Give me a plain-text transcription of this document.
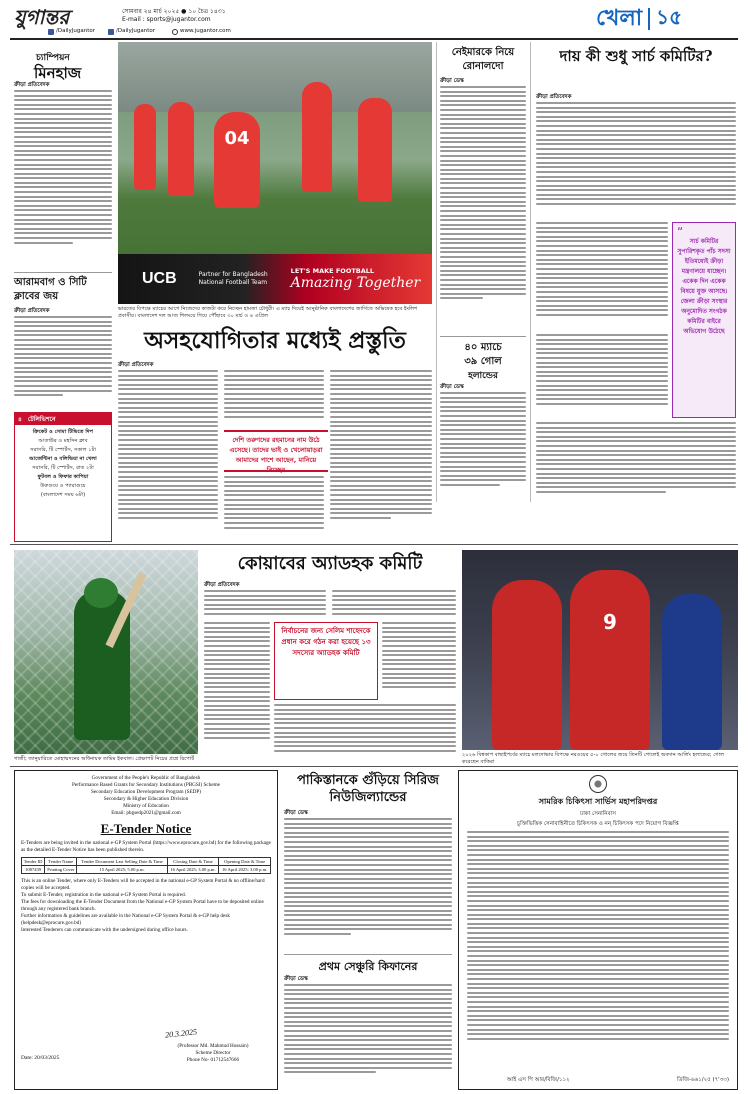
যুগান্তর	সোমবার ২৪ মার্চ ২০২৫ ● ১০ চৈত্র ১৪৩১
E-mail : sports@jugantor.com
/DailyJugantor	/DailyJugantor	www.jugantor.com
খেলা ১৫
চ্যাম্পিয়ন
মিনহাজ
ক্রীড়া প্রতিবেদক
আরামবাগ ও সিটি ক্লাবের জয়
ক্রীড়া প্রতিবেদক
৪ টেলিভিশনে
ক্রিকেট ও সোমা টিভিতে দিপ
আতাউর ও মহসিন ক্লাব
সরাসরি, টি স্পোর্টস, সকাল ১টা
আর্জেন্টিনা ও বলিভিয়া না খেলা
সরাসরি, টি স্পোর্টস, রাত ২টা
ফুটবল ও ফিফার কাপিয়া
উরুগুয়ে ও প্যারাগুয়ে
(বাংলাদেশ সময় ৬টা)
04
UCB	Partner for Bangladesh National Football Team
LET'S MAKE FOOTBALL
Amazing Together
ভারতের বিপক্ষে ম্যাচের আগে নিজেদের কাজটা করে নিচ্ছেন হামজা চৌধুরী। এ ম্যাচ দিয়েই আনুষ্ঠানিক বাংলাদেশের জার্সিতে অভিষেক হবে ইংলিশ প্রবাসীর। বাংলাদেশ দল আজ শিলংয়ে গিয়ে পৌঁছাবে ৩০ মার্চ ও ৪ এপ্রিল
নেইমারকে নিয়ে রোনালদো
ক্রীড়া ডেস্ক
৪০ ম্যাচে
৩৯ গোল
হলান্ডের
ক্রীড়া ডেস্ক
দায় কী শুধু সার্চ কমিটির?
ক্রীড়া প্রতিবেদক
“
সার্চ কমিটির সুপারিশকৃত পাঁচ সদস্য ইতিমধ্যেই ক্রীড়া মন্ত্রণালয়ে যাচ্ছেন। একেক দিন একেক বিষয়ে যুক্ত আসছে। জেলা ক্রীড়া সংস্থার অনুমোদিত সংগঠক কমিটির বাইরে অভিযোগ উঠেছে
অসহযোগিতার মধ্যেই প্রস্তুতি
ক্রীড়া প্রতিবেদক
দেশি তরুণদের রহমানের নাম উঠে এসেছে। তাদের ভাই ও খেলোয়াড়রা আমাদের পাশে আছেন, মানিয়ে নিচ্ছেন
গাজী; জানুয়ারিতে মোহাম্মদনের অধিনায়ক তামিম ইকবাল। প্রেক্ষাপট নিচের প্রশ্নে রিপোর্ট
কোয়াবের অ্যাডহক কমিটি
ক্রীড়া প্রতিবেদক
নির্বাচনের জন্য সেলিম শাহেদকে প্রধান করে গঠন করা হয়েছে ১৩ সদস্যের অ্যাডহক কমিটি
9
২০২৬ বিশ্বকাপ বাছাইপর্বের ম্যাচে মলদোভার বিপক্ষে নরওয়ের ৫-০ গোলের জয়ে তিনটি গোলেই অবদান আর্লিং হলান্ডের; গোল করেছেন বাকিরা
Government of the People's Republic of Bangladesh
Performance Based Grants for Secondary Institutions (PBGSI) Scheme
Secondary Education Development Program (SEDP)
Secondary & Higher Education Division
Ministry of Education
Email: pbgsedp2021@gmail.com
E-Tender Notice
E-Tenders are being invited in the national e-GP System Portal (https://www.eprocure.gov.bd) for the following package as the detailed E-Tender Notice has been published therein.
Tender ID	Tender Name	Tender Document Last Selling Date & Time	Closing Date & Time	Opening Date & Time
1087439	Printing Cover	15 April 2025; 5.00 p.m.	16 April 2025; 3.00 p.m.	16 April 2025; 3.00 p.m.
This is an online Tender, where only E-Tenders will be accepted in the national e-GP System Portal & no offline/hard copies will be accepted.
To submit E-Tender, registration in the national e-GP System Portal is required.
The fees for downloading the E-Tender Document from the National e-GP System Portal have to be deposited online through any registered bank branch.
Further information & guidelines are available in the National e-GP System Portal & e-GP help desk (helpdesk@eprocure.gov.bd)
Interested Tenderers can communicate with the undersigned during office hours.
20.3.2025
Date: 20/03/2025
(Professor Md. Mahmud Hossain)
Scheme Director
Phone No- 01712547666
পাকিস্তানকে গুঁড়িয়ে সিরিজ নিউজিল্যান্ডের
ক্রীড়া ডেস্ক
প্রথম সেঞ্চুরি কিফানের
ক্রীড়া ডেস্ক
সামরিক চিকিৎসা সার্ভিস মহাপরিদপ্তর
ঢাকা সেনানিবাস
চুক্তিভিত্তিক সেনাবাহিনীতে চিকিৎসক ও নন্ চিকিৎসক পদে নিয়োগ বিজ্ঞপ্তি
আই এস পি আর/বিজি/১১২	ডিজি-৬৬১/২৫ (৭'৩৩)
